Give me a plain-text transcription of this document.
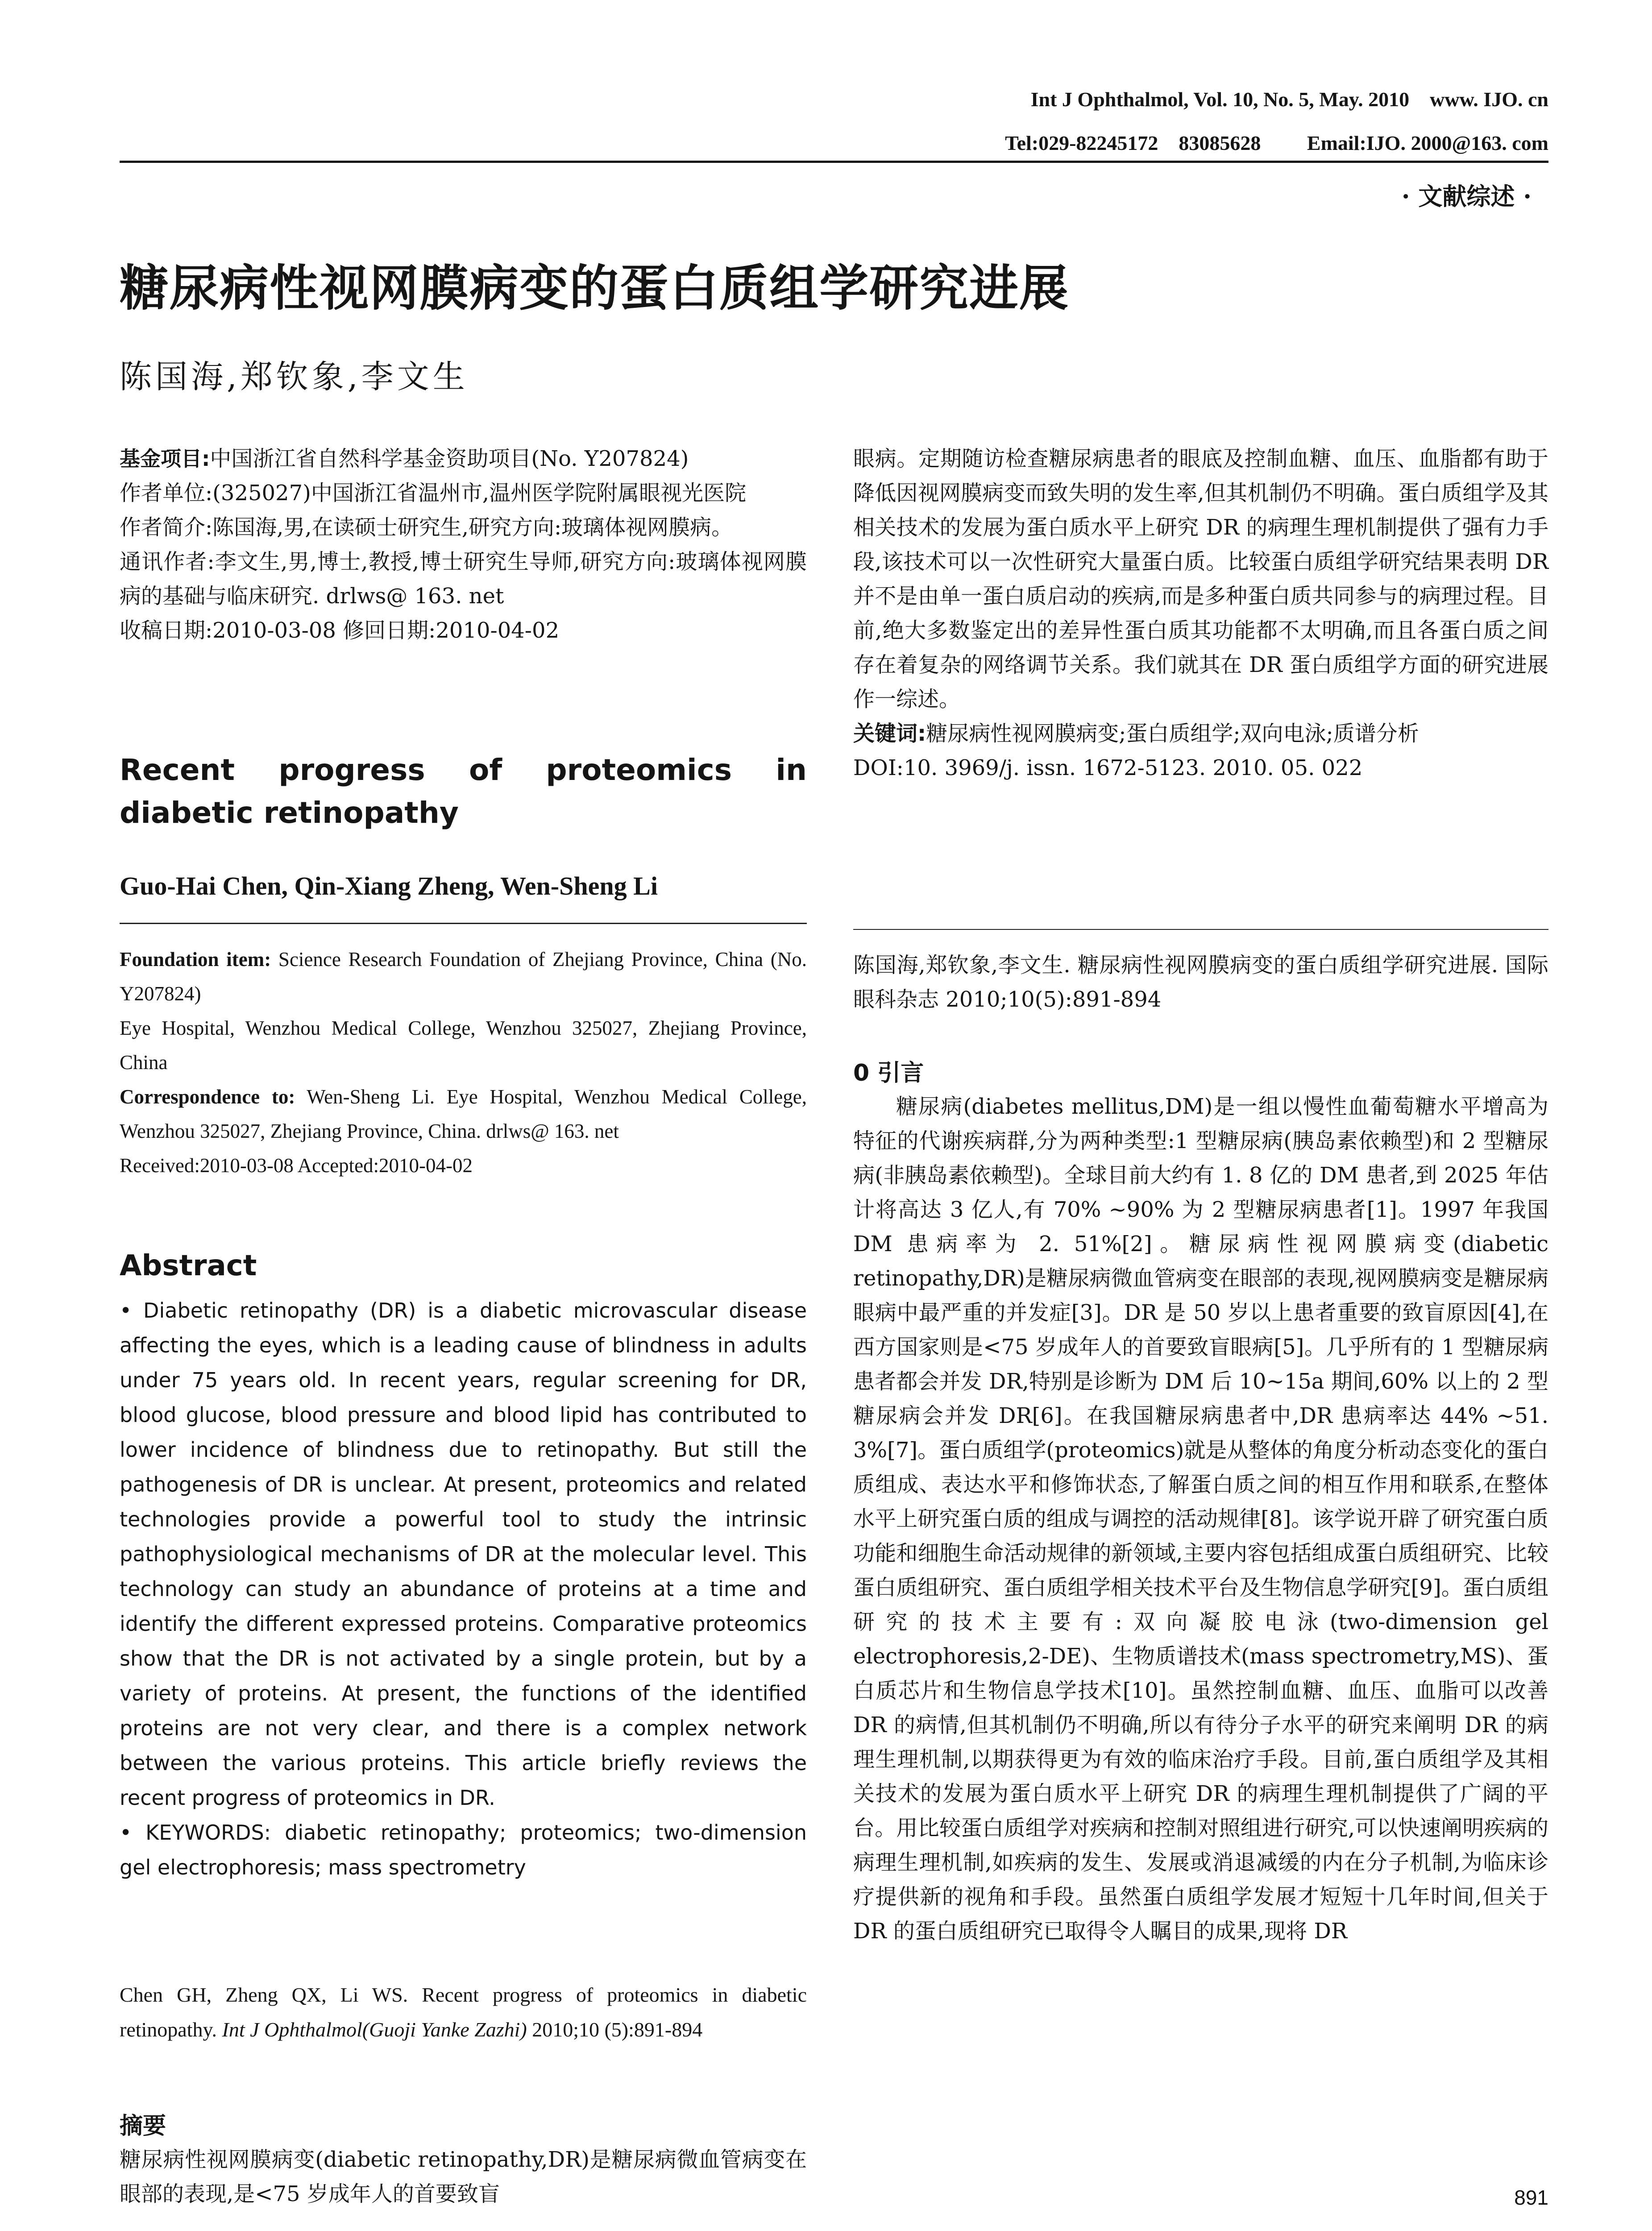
Int J Ophthalmol, Vol. 10, No. 5, May. 2010    www. IJO. cn
Tel:029-82245172    83085628         Email:IJO. 2000@163. com
· 文献综述 ·
糖尿病性视网膜病变的蛋白质组学研究进展
陈国海,郑钦象,李文生

基金项目:中国浙江省自然科学基金资助项目(No. Y207824)

作者单位:(325027)中国浙江省温州市,温州医学院附属眼视光医院

作者简介:陈国海,男,在读硕士研究生,研究方向:玻璃体视网膜病。

通讯作者:李文生,男,博士,教授,博士研究生导师,研究方向:玻璃体视网膜病的基础与临床研究. drlws@ 163. net

收稿日期:2010-03-08 修回日期:2010-04-02

Recent progress of proteomics in diabetic retinopathy
Guo-Hai Chen, Qin-Xiang Zheng, Wen-Sheng Li

Foundation item: Science Research Foundation of Zhejiang Province, China (No. Y207824)

Eye Hospital, Wenzhou Medical College, Wenzhou 325027, Zhejiang Province, China

Correspondence to: Wen-Sheng Li. Eye Hospital, Wenzhou Medical College, Wenzhou 325027, Zhejiang Province, China. drlws@ 163. net

Received:2010-03-08 Accepted:2010-04-02

Abstract

• Diabetic retinopathy (DR) is a diabetic microvascular disease affecting the eyes, which is a leading cause of blindness in adults under 75 years old. In recent years, regular screening for DR, blood glucose, blood pressure and blood lipid has contributed to lower incidence of blindness due to retinopathy. But still the pathogenesis of DR is unclear. At present, proteomics and related technologies provide a powerful tool to study the intrinsic pathophysiological mechanisms of DR at the molecular level. This technology can study an abundance of proteins at a time and identify the different expressed proteins. Comparative proteomics show that the DR is not activated by a single protein, but by a variety of proteins. At present, the functions of the identified proteins are not very clear, and there is a complex network between the various proteins. This article briefly reviews the recent progress of proteomics in DR.

• KEYWORDS: diabetic retinopathy; proteomics; two-dimension gel electrophoresis; mass spectrometry

Chen GH, Zheng QX, Li WS. Recent progress of proteomics in diabetic retinopathy. Int J Ophthalmol(Guoji Yanke Zazhi) 2010;10 (5):891-894
摘要
糖尿病性视网膜病变(diabetic retinopathy,DR)是糖尿病微血管病变在眼部的表现,是<75 岁成年人的首要致盲

眼病。定期随访检查糖尿病患者的眼底及控制血糖、血压、血脂都有助于降低因视网膜病变而致失明的发生率,但其机制仍不明确。蛋白质组学及其相关技术的发展为蛋白质水平上研究 DR 的病理生理机制提供了强有力手段,该技术可以一次性研究大量蛋白质。比较蛋白质组学研究结果表明 DR 并不是由单一蛋白质启动的疾病,而是多种蛋白质共同参与的病理过程。目前,绝大多数鉴定出的差异性蛋白质其功能都不太明确,而且各蛋白质之间存在着复杂的网络调节关系。我们就其在 DR 蛋白质组学方面的研究进展作一综述。

关键词:糖尿病性视网膜病变;蛋白质组学;双向电泳;质谱分析

DOI:10. 3969/j. issn. 1672-5123. 2010. 05. 022

陈国海,郑钦象,李文生. 糖尿病性视网膜病变的蛋白质组学研究进展. 国际眼科杂志 2010;10(5):891-894
0 引言

糖尿病(diabetes mellitus,DM)是一组以慢性血葡萄糖水平增高为特征的代谢疾病群,分为两种类型:1 型糖尿病(胰岛素依赖型)和 2 型糖尿病(非胰岛素依赖型)。全球目前大约有 1. 8 亿的 DM 患者,到 2025 年估计将高达 3 亿人,有 70% ~90% 为 2 型糖尿病患者[1]。1997 年我国 DM 患病率为 2. 51%[2]。糖尿病性视网膜病变(diabetic retinopathy,DR)是糖尿病微血管病变在眼部的表现,视网膜病变是糖尿病眼病中最严重的并发症[3]。DR 是 50 岁以上患者重要的致盲原因[4],在西方国家则是<75 岁成年人的首要致盲眼病[5]。几乎所有的 1 型糖尿病患者都会并发 DR,特别是诊断为 DM 后 10~15a 期间,60% 以上的 2 型糖尿病会并发 DR[6]。在我国糖尿病患者中,DR 患病率达 44% ~51. 3%[7]。蛋白质组学(proteomics)就是从整体的角度分析动态变化的蛋白质组成、表达水平和修饰状态,了解蛋白质之间的相互作用和联系,在整体水平上研究蛋白质的组成与调控的活动规律[8]。该学说开辟了研究蛋白质功能和细胞生命活动规律的新领域,主要内容包括组成蛋白质组研究、比较蛋白质组研究、蛋白质组学相关技术平台及生物信息学研究[9]。蛋白质组研究的技术主要有:双向凝胶电泳(two-dimension gel electrophoresis,2-DE)、生物质谱技术(mass spectrometry,MS)、蛋白质芯片和生物信息学技术[10]。虽然控制血糖、血压、血脂可以改善 DR 的病情,但其机制仍不明确,所以有待分子水平的研究来阐明 DR 的病理生理机制,以期获得更为有效的临床治疗手段。目前,蛋白质组学及其相关技术的发展为蛋白质水平上研究 DR 的病理生理机制提供了广阔的平台。用比较蛋白质组学对疾病和控制对照组进行研究,可以快速阐明疾病的病理生理机制,如疾病的发生、发展或消退减缓的内在分子机制,为临床诊疗提供新的视角和手段。虽然蛋白质组学发展才短短十几年时间,但关于 DR 的蛋白质组研究已取得令人瞩目的成果,现将 DR

891
